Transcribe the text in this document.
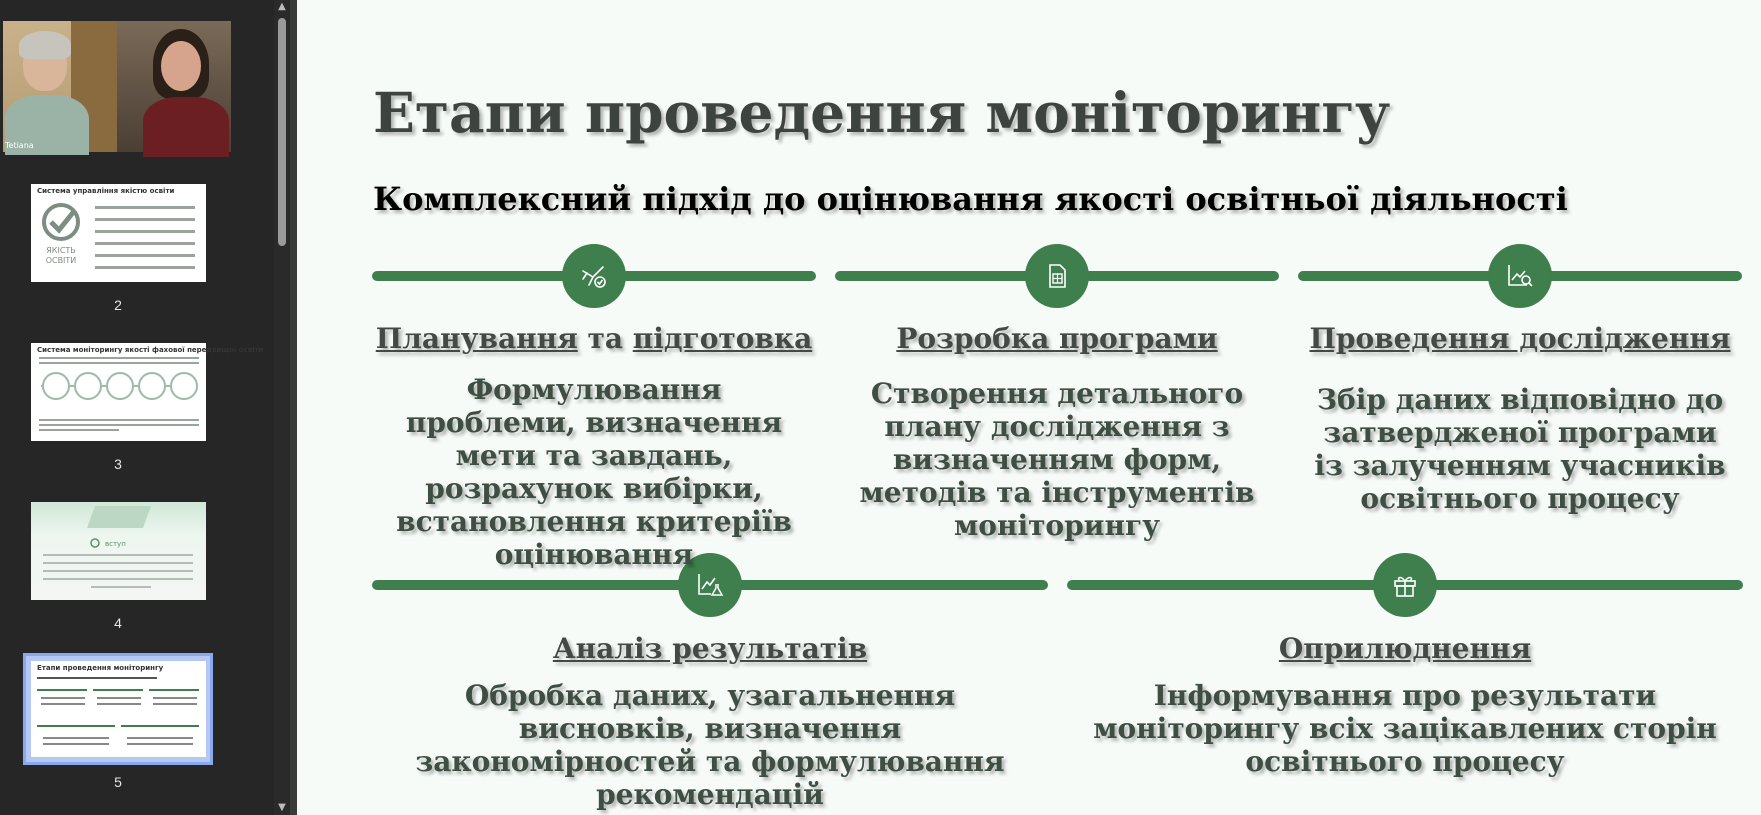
Tetiana
Система управління якістю освіти
ЯКІСТЬ ОСВІТИ
2
Система моніторингу якості фахової передвищої освіти
3
вступ
4
Етапи проведення моніторингу
5
▲
▼
Етапи проведення моніторингу
Комплексний підхід до оцінювання якості освітньої діяльності
Планування та підготовка	Розробка програми	Проведення дослідження
Аналіз результатів	Оприлюднення
Формулювання проблеми, визначення мети та завдань, розрахунок вибірки, встановлення критеріїв оцінювання
Створення детального плану дослідження з визначенням форм, методів та інструментів моніторингу
Збір даних відповідно до затвердженої програми із залученням учасників освітнього процесу
Обробка даних, узагальнення висновків, визначення закономірностей та формулювання рекомендацій
Інформування про результати моніторингу всіх зацікавлених сторін освітнього процесу
